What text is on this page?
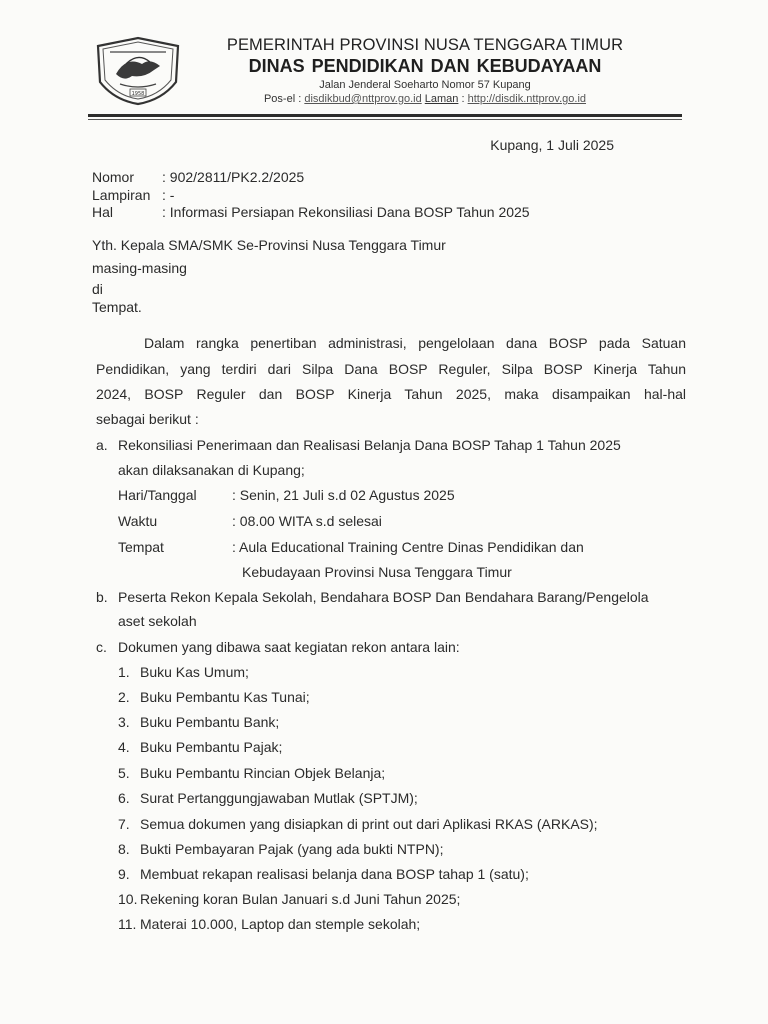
1958
PEMERINTAH PROVINSI NUSA TENGGARA TIMUR
DINAS PENDIDIKAN DAN KEBUDAYAAN
Jalan Jenderal Soeharto Nomor 57 Kupang
Pos-el : disdikbud@nttprov.go.id Laman : http://disdik.nttprov.go.id
Kupang, 1 Juli 2025
Nomor : 902/2811/PK2.2/2025
Lampiran : -
Hal	: Informasi Persiapan Rekonsiliasi Dana BOSP Tahun 2025
Yth. Kepala SMA/SMK Se-Provinsi Nusa Tenggara Timur
masing-masing
di
Tempat.
Dalam rangka penertiban administrasi, pengelolaan dana BOSP pada Satuan
Pendidikan, yang terdiri dari Silpa Dana BOSP Reguler, Silpa BOSP Kinerja Tahun
2024, BOSP Reguler dan BOSP Kinerja Tahun 2025, maka disampaikan hal-hal
sebagai berikut :
a. Rekonsiliasi Penerimaan dan Realisasi Belanja Dana BOSP Tahap 1 Tahun 2025
akan dilaksanakan di Kupang;
Hari/Tanggal	: Senin, 21 Juli s.d 02 Agustus 2025
Waktu	: 08.00 WITA s.d selesai
Tempat	: Aula Educational Training Centre Dinas Pendidikan dan
Kebudayaan Provinsi Nusa Tenggara Timur
b. Peserta Rekon Kepala Sekolah, Bendahara BOSP Dan Bendahara Barang/Pengelola
aset sekolah
c. Dokumen yang dibawa saat kegiatan rekon antara lain:
1. Buku Kas Umum;
2. Buku Pembantu Kas Tunai;
3. Buku Pembantu Bank;
4. Buku Pembantu Pajak;
5. Buku Pembantu Rincian Objek Belanja;
6. Surat Pertanggungjawaban Mutlak (SPTJM);
7. Semua dokumen yang disiapkan di print out dari Aplikasi RKAS (ARKAS);
8. Bukti Pembayaran Pajak (yang ada bukti NTPN);
9. Membuat rekapan realisasi belanja dana BOSP tahap 1 (satu);
10. Rekening koran Bulan Januari s.d Juni Tahun 2025;
11. Materai 10.000, Laptop dan stemple sekolah;
